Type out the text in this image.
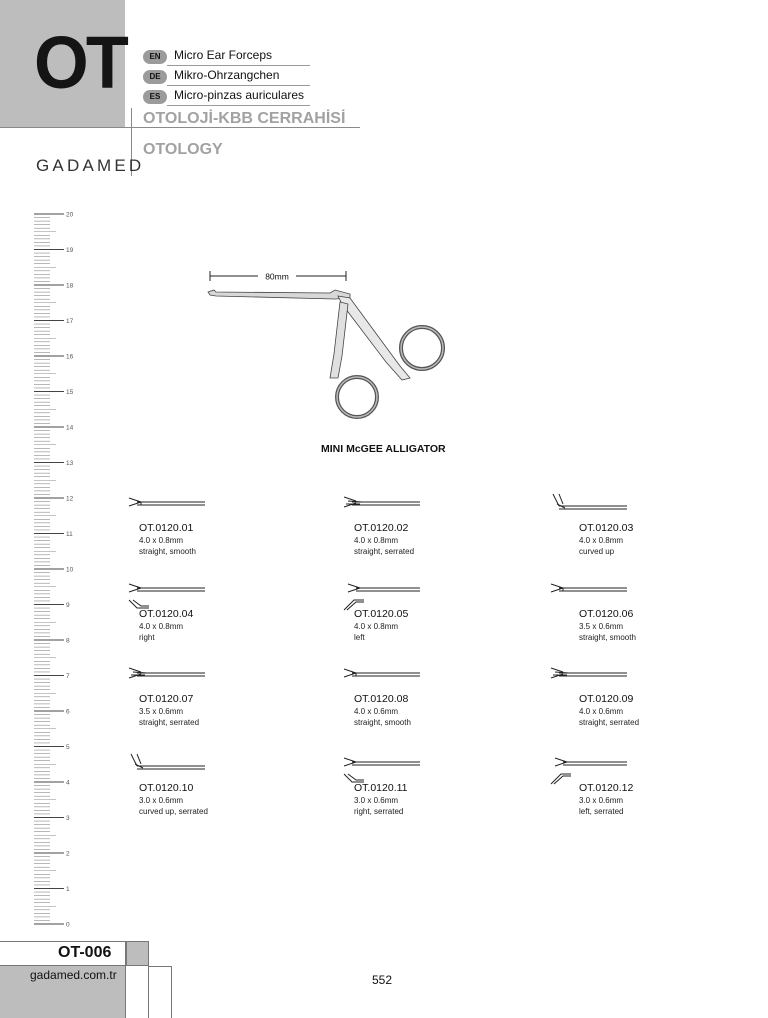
OT	EN	Micro Ear Forceps
DE	Mikro-Ohrzangchen
ES	Micro-pinzas auriculares
OTOLOJİ-KBB CERRAHİSİ
OTOLOGY
GADAMED
20
19
18
17
16
15
14
13
12
11
10
9
8
7
6
5
4
3
2
1
0
80mm
MINI McGEE ALLIGATOR
OT.0120.01
4.0 x 0.8mm
straight, smooth
OT.0120.02
4.0 x 0.8mm
straight, serrated
OT.0120.03
4.0 x 0.8mm
curved up
OT.0120.04
4.0 x 0.8mm
right
OT.0120.05
4.0 x 0.8mm
left
OT.0120.06
3.5 x 0.6mm
straight, smooth
OT.0120.07
3.5 x 0.6mm
straight, serrated
OT.0120.08
4.0 x 0.6mm
straight, smooth
OT.0120.09
4.0 x 0.6mm
straight, serrated
OT.0120.10
3.0 x 0.6mm
curved up, serrated
OT.0120.11
3.0 x 0.6mm
right, serrated
OT.0120.12
3.0 x 0.6mm
left, serrated
OT-006
gadamed.com.tr	552
